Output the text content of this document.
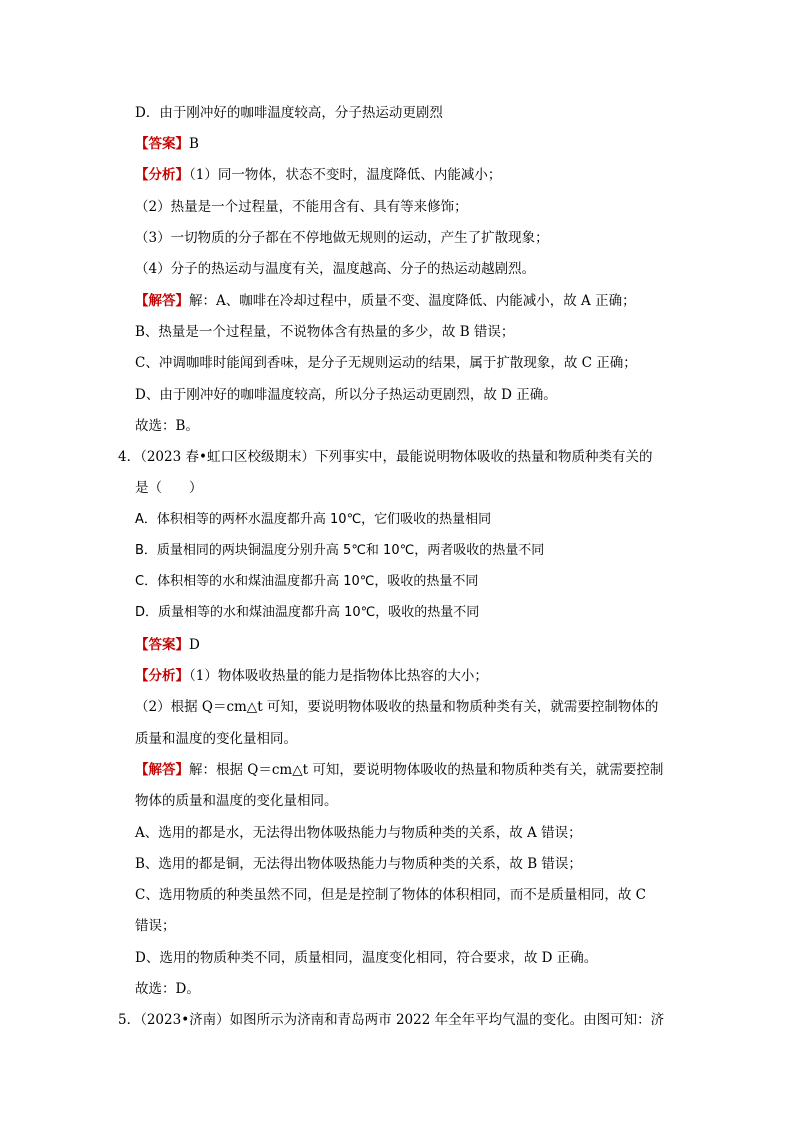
D．由于刚冲好的咖啡温度较高，分子热运动更剧烈
【答案】B
【分析】（1）同一物体，状态不变时，温度降低、内能减小；
（2）热量是一个过程量，不能用含有、具有等来修饰；
（3）一切物质的分子都在不停地做无规则的运动，产生了扩散现象；
（4）分子的热运动与温度有关，温度越高、分子的热运动越剧烈。
【解答】解：A、咖啡在冷却过程中，质量不变、温度降低、内能减小，故 A 正确；
B、热量是一个过程量，不说物体含有热量的多少，故 B 错误；
C、冲调咖啡时能闻到香味，是分子无规则运动的结果，属于扩散现象，故 C 正确；
D、由于刚冲好的咖啡温度较高，所以分子热运动更剧烈，故 D 正确。
故选：B。
4．（2023 春•虹口区校级期末）下列事实中，最能说明物体吸收的热量和物质种类有关的
是（　　）
A．体积相等的两杯水温度都升高 10℃，它们吸收的热量相同
B．质量相同的两块铜温度分别升高 5℃和 10℃，两者吸收的热量不同
C．体积相等的水和煤油温度都升高 10℃，吸收的热量不同
D．质量相等的水和煤油温度都升高 10℃，吸收的热量不同
【答案】D
【分析】（1）物体吸收热量的能力是指物体比热容的大小；
（2）根据 Q＝cm△t 可知，要说明物体吸收的热量和物质种类有关，就需要控制物体的
质量和温度的变化量相同。
【解答】解：根据 Q＝cm△t 可知，要说明物体吸收的热量和物质种类有关，就需要控制
物体的质量和温度的变化量相同。
A、选用的都是水，无法得出物体吸热能力与物质种类的关系，故 A 错误；
B、选用的都是铜，无法得出物体吸热能力与物质种类的关系，故 B 错误；
C、选用物质的种类虽然不同，但是是控制了物体的体积相同，而不是质量相同，故 C
错误；
D、选用的物质种类不同，质量相同，温度变化相同，符合要求，故 D 正确。
故选：D。
5．（2023•济南）如图所示为济南和青岛两市 2022 年全年平均气温的变化。由图可知：济
